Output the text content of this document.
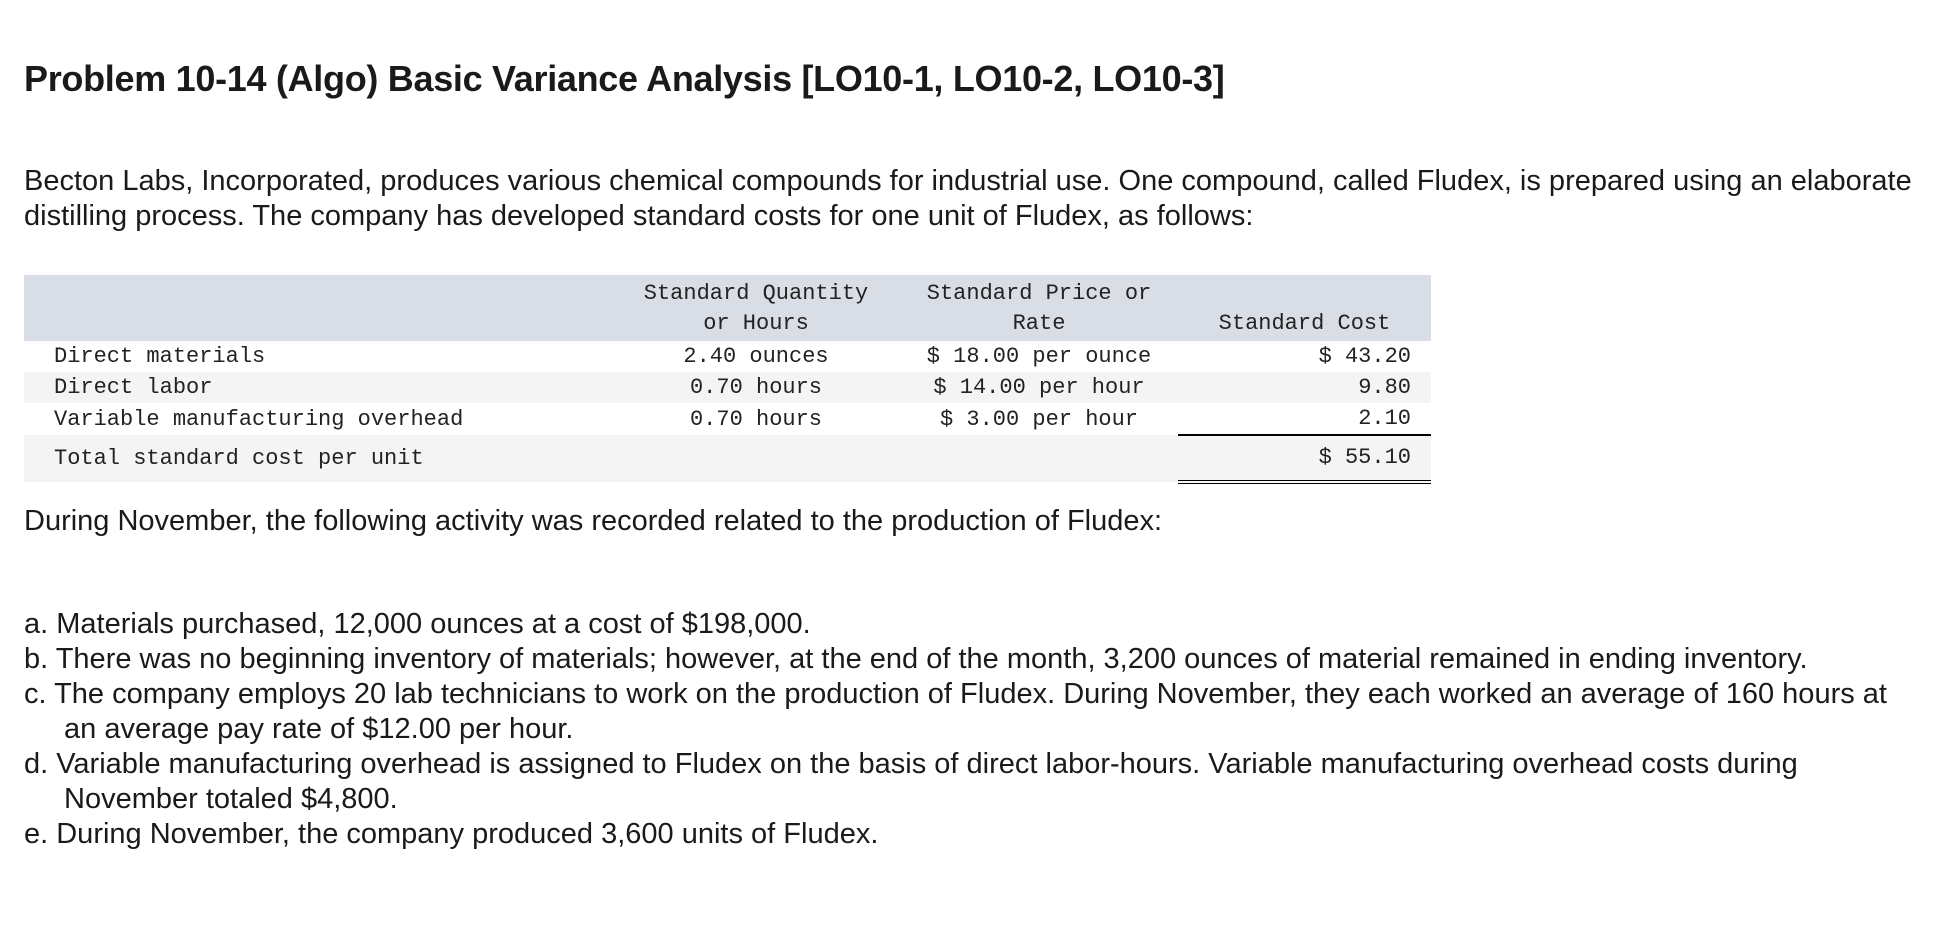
Problem 10-14 (Algo) Basic Variance Analysis [LO10-1, LO10-2, LO10-3]

Becton Labs, Incorporated, produces various chemical compounds for industrial use. One compound, called Fludex, is prepared using an elaborate distilling process. The company has developed standard costs for one unit of Fludex, as follows:

	Standard Quantity or Hours	Standard Price or Rate	Standard Cost
Direct materials	2.40 ounces	$ 18.00 per ounce	$ 43.20
Direct labor	0.70 hours	$ 14.00 per hour	9.80
Variable manufacturing overhead	0.70 hours	$ 3.00 per hour	2.10
Total standard cost per unit			$ 55.10

During November, the following activity was recorded related to the production of Fludex:

a. Materials purchased, 12,000 ounces at a cost of $198,000.
b. There was no beginning inventory of materials; however, at the end of the month, 3,200 ounces of material remained in ending inventory.
c. The company employs 20 lab technicians to work on the production of Fludex. During November, they each worked an average of 160 hours at an average pay rate of $12.00 per hour.
d. Variable manufacturing overhead is assigned to Fludex on the basis of direct labor-hours. Variable manufacturing overhead costs during November totaled $4,800.
e. During November, the company produced 3,600 units of Fludex.
